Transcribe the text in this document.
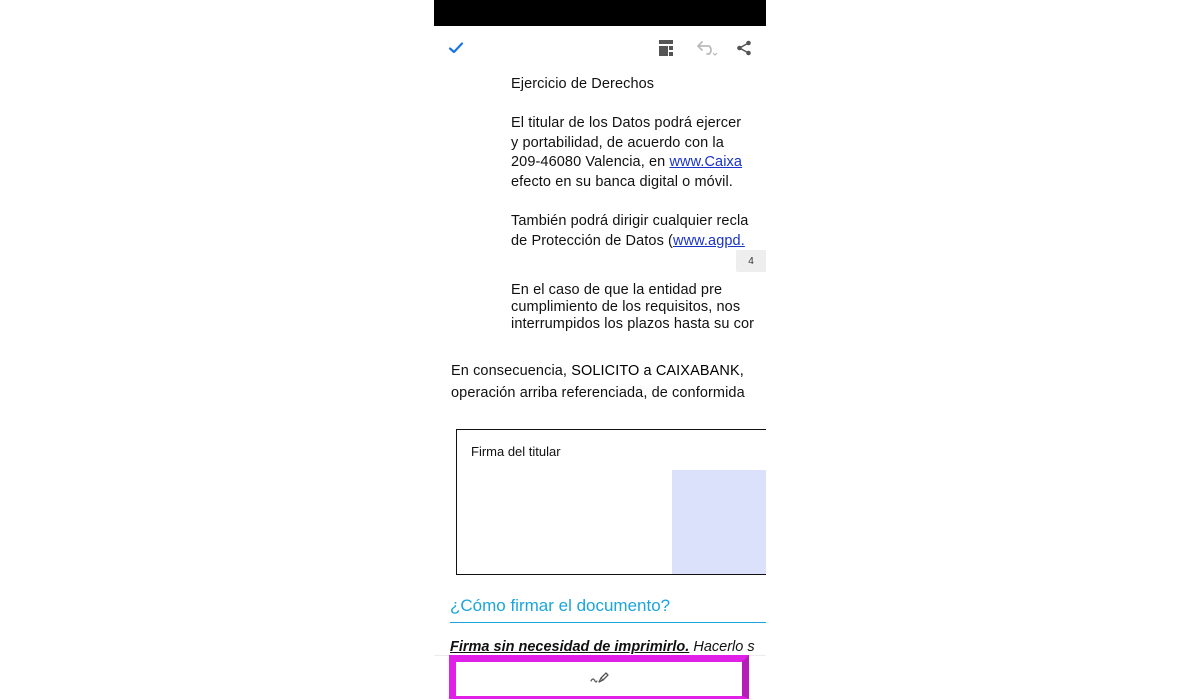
Ejercicio de Derechos

El titular de los Datos podrá ejercer

y portabilidad, de acuerdo con la

209-46080 Valencia, en www.Caixa

efecto en su banca digital o móvil.

También podrá dirigir cualquier recla

de Protección de Datos (www.agpd.

4

En el caso de que la entidad pre

cumplimiento de los requisitos, nos

interrumpidos los plazos hasta su cor

En consecuencia, SOLICITO a CAIXABANK,

operación arriba referenciada, de conformida

Firma del titular
¿Cómo firmar el documento?
Firma sin necesidad de imprimirlo. Hacerlo s
